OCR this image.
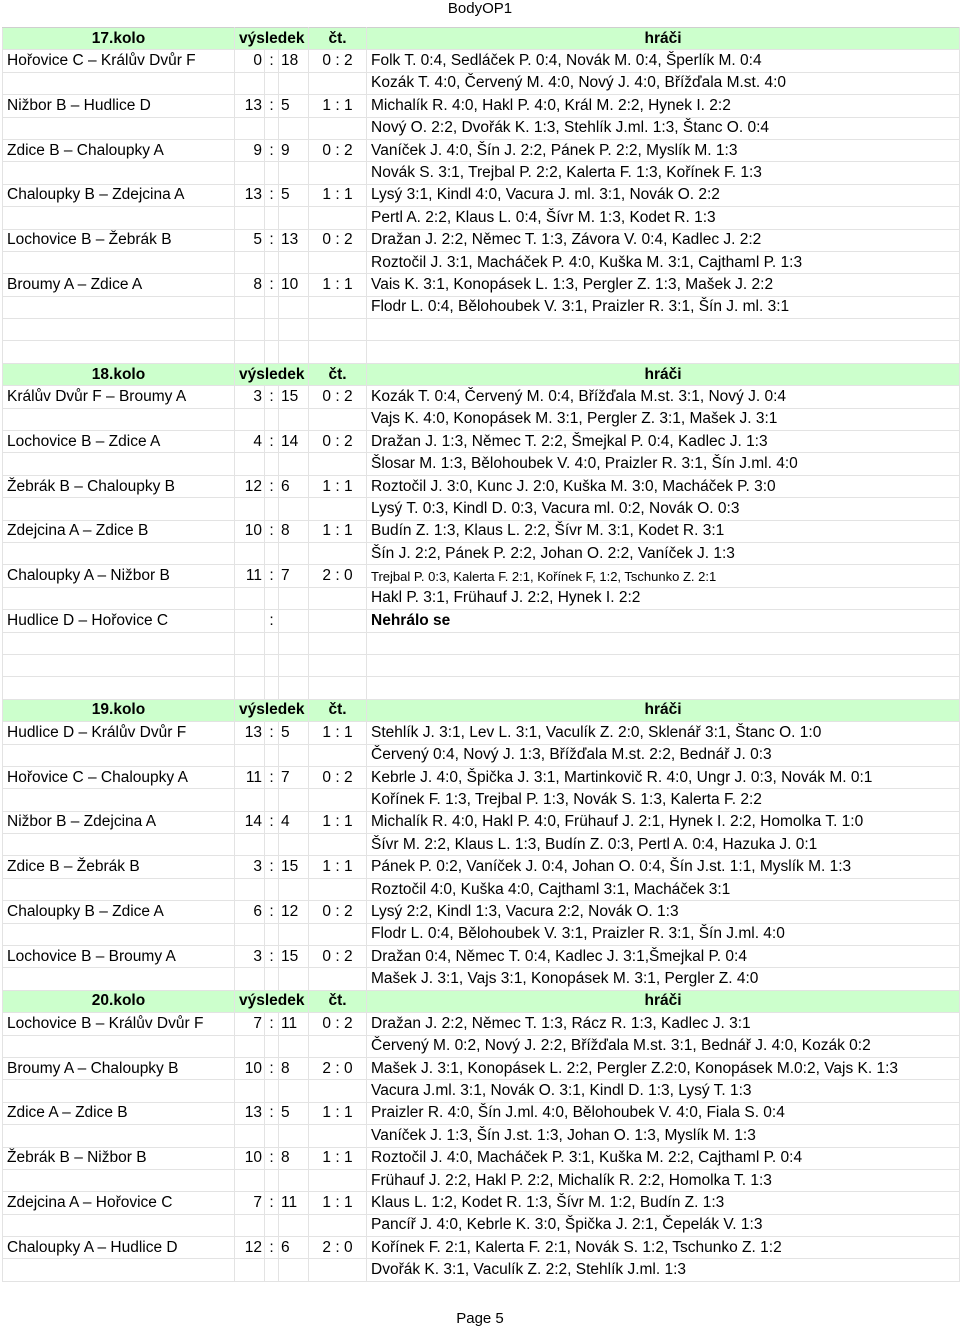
BodyOP1
17.kolo	výsledek			čt.	hráči
Hořovice C – Králův Dvůr F	0	:	18	0 : 2	Folk T. 0:4, Sedláček P. 0:4, Novák M. 0:4, Šperlík M. 0:4
					Kozák T. 4:0, Červený M. 4:0, Nový J. 4:0, Břížďala M.st. 4:0
Nižbor B – Hudlice D	13	:	5	1 : 1	Michalík R. 4:0, Hakl P. 4:0, Král M. 2:2, Hynek I. 2:2
					Nový O. 2:2, Dvořák K. 1:3, Stehlík J.ml. 1:3, Štanc O. 0:4
Zdice B – Chaloupky A	9	:	9	0 : 2	Vaníček J. 4:0, Šín J. 2:2, Pánek P. 2:2, Myslík M. 1:3
					Novák S. 3:1, Trejbal P. 2:2, Kalerta F. 1:3, Kořínek F. 1:3
Chaloupky B – Zdejcina A	13	:	5	1 : 1	Lysý 3:1, Kindl 4:0, Vacura J. ml. 3:1, Novák O. 2:2
					Pertl A. 2:2, Klaus L. 0:4, Šívr M. 1:3, Kodet R. 1:3
Lochovice B – Žebrák B	5	:	13	0 : 2	Dražan J. 2:2, Němec T. 1:3, Závora V. 0:4, Kadlec J. 2:2
					Roztočil J. 3:1, Macháček P. 4:0, Kuška M. 3:1, Cajthaml P. 1:3
Broumy A – Zdice A	8	:	10	1 : 1	Vais K. 3:1, Konopásek L. 1:3, Pergler Z. 1:3, Mašek J. 2:2
					Flodr L. 0:4, Bělohoubek V. 3:1, Praizler R. 3:1, Šín J. ml. 3:1

18.kolo	výsledek			čt.	hráči
Králův Dvůr F – Broumy A	3	:	15	0 : 2	Kozák T. 0:4, Červený M. 0:4, Břížďala M.st. 3:1, Nový J. 0:4
					Vajs K. 4:0, Konopásek M. 3:1, Pergler Z. 3:1, Mašek J. 3:1
Lochovice B – Zdice A	4	:	14	0 : 2	Dražan J. 1:3, Němec T. 2:2, Šmejkal P. 0:4, Kadlec J. 1:3
					Šlosar M. 1:3, Bělohoubek V. 4:0, Praizler R. 3:1, Šín J.ml. 4:0
Žebrák B – Chaloupky B	12	:	6	1 : 1	Roztočil J. 3:0, Kunc J. 2:0, Kuška M. 3:0, Macháček P. 3:0
					Lysý T. 0:3, Kindl D. 0:3, Vacura ml. 0:2, Novák O. 0:3
Zdejcina A – Zdice B	10	:	8	1 : 1	Budín Z. 1:3, Klaus L. 2:2, Šívr M. 3:1, Kodet R. 3:1
					Šín J. 2:2, Pánek P. 2:2, Johan O. 2:2, Vaníček J. 1:3
Chaloupky A – Nižbor B	11	:	7	2 : 0	Trejbal P. 0:3, Kalerta F. 2:1, Kořínek F, 1:2, Tschunko Z. 2:1
					Hakl P. 3:1, Frühauf J. 2:2, Hynek I. 2:2
Hudlice D – Hořovice C		:			Nehrálo se

19.kolo	výsledek			čt.	hráči
Hudlice D – Králův Dvůr F	13	:	5	1 : 1	Stehlík J. 3:1, Lev L. 3:1, Vaculík Z. 2:0, Sklenář 3:1, Štanc O. 1:0
					Červený 0:4, Nový J. 1:3, Břížďala M.st. 2:2, Bednář J. 0:3
Hořovice C – Chaloupky A	11	:	7	0 : 2	Kebrle J. 4:0, Špička J. 3:1, Martinkovič R. 4:0, Ungr J. 0:3, Novák M. 0:1
					Kořínek F. 1:3, Trejbal P. 1:3, Novák S. 1:3, Kalerta F. 2:2
Nižbor B – Zdejcina A	14	:	4	1 : 1	Michalík R. 4:0, Hakl P. 4:0, Frühauf J. 2:1, Hynek I. 2:2, Homolka T. 1:0
					Šívr M. 2:2, Klaus L. 1:3, Budín Z. 0:3, Pertl A. 0:4, Hazuka J. 0:1
Zdice B – Žebrák B	3	:	15	1 : 1	Pánek P. 0:2, Vaníček J. 0:4, Johan O. 0:4, Šín J.st. 1:1, Myslík M. 1:3
					Roztočil 4:0, Kuška 4:0, Cajthaml 3:1, Macháček 3:1
Chaloupky B – Zdice A	6	:	12	0 : 2	Lysý 2:2, Kindl 1:3, Vacura 2:2, Novák O. 1:3
					Flodr L. 0:4, Bělohoubek V. 3:1, Praizler R. 3:1, Šín J.ml. 4:0
Lochovice B – Broumy A	3	:	15	0 : 2	Dražan 0:4, Němec T. 0:4, Kadlec J. 3:1,Šmejkal P. 0:4
					Mašek J. 3:1, Vajs 3:1, Konopásek M. 3:1, Pergler Z. 4:0
20.kolo	výsledek			čt.	hráči
Lochovice B – Králův Dvůr F	7	:	11	0 : 2	Dražan J. 2:2, Němec T. 1:3, Rácz R. 1:3, Kadlec J. 3:1
					Červený M. 0:2, Nový J. 2:2, Břížďala M.st. 3:1, Bednář J. 4:0, Kozák 0:2
Broumy A – Chaloupky B	10	:	8	2 : 0	Mašek J. 3:1, Konopásek L. 2:2, Pergler Z.2:0, Konopásek M.0:2, Vajs K. 1:3
					Vacura J.ml. 3:1, Novák O. 3:1, Kindl D. 1:3, Lysý T. 1:3
Zdice A – Zdice B	13	:	5	1 : 1	Praizler R. 4:0, Šín J.ml. 4:0, Bělohoubek V. 4:0, Fiala S. 0:4
					Vaníček J. 1:3, Šín J.st. 1:3, Johan O. 1:3, Myslík M. 1:3
Žebrák B – Nižbor B	10	:	8	1 : 1	Roztočil J. 4:0, Macháček P. 3:1, Kuška M. 2:2, Cajthaml P. 0:4
					Frühauf J. 2:2, Hakl P. 2:2, Michalík R. 2:2, Homolka T. 1:3
Zdejcina A – Hořovice C	7	:	11	1 : 1	Klaus L. 1:2, Kodet R. 1:3, Šívr M. 1:2, Budín Z. 1:3
					Pancíř J. 4:0, Kebrle K. 3:0, Špička J. 2:1, Čepelák V. 1:3
Chaloupky A – Hudlice D	12	:	6	2 : 0	Kořínek F. 2:1, Kalerta F. 2:1, Novák S. 1:2, Tschunko Z. 1:2
					Dvořák K. 3:1, Vaculík Z. 2:2, Stehlík J.ml. 1:3
Page 5
